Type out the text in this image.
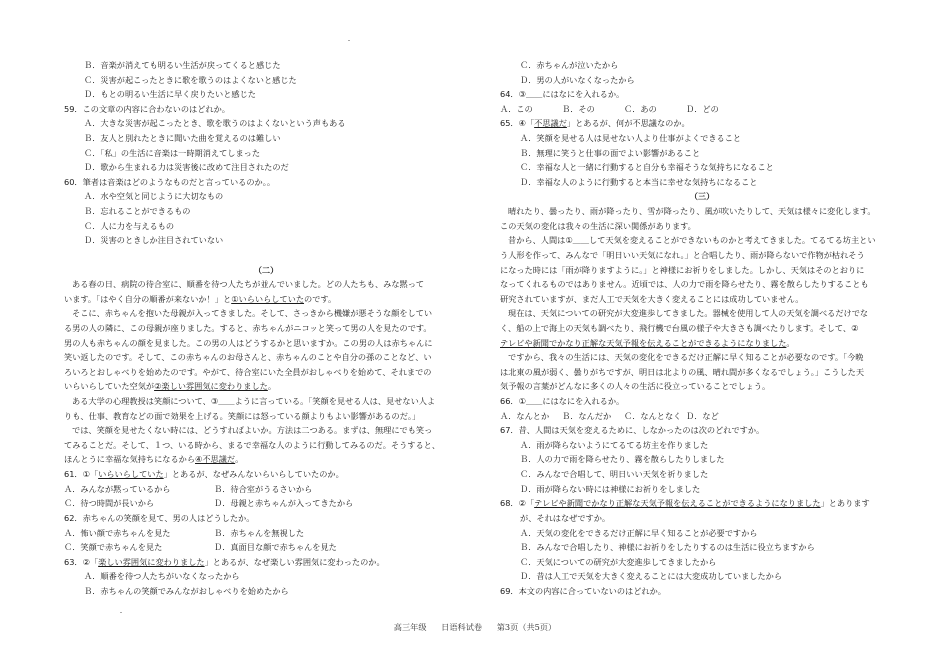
Ｂ．音楽が消えても明るい生活が戻ってくると感じた
Ｃ．災害が起こったときに歌を歌うのはよくないと感じた
Ｄ．もとの明るい生活に早く戻りたいと感じた
59．この文章の内容に合わないのはどれか。
Ａ．大きな災害が起こったとき、歌を歌うのはよくないという声もある
Ｂ．友人と別れたときに聞いた曲を覚えるのは難しい
Ｃ．「私」の生活に音楽は一時期消えてしまった
Ｄ．歌から生まれる力は災害後に改めて注目されたのだ
60．筆者は音楽はどのようなものだと言っているのか。。
Ａ．水や空気と同じように大切なもの
Ｂ．忘れることができるもの
Ｃ．人に力を与えるもの
Ｄ．災害のときしか注目されていない
（二）
ある春の日、病院の待合室に、順番を待つ人たちが並んでいました。どの人たちも、みな黙って
います。「はやく自分の順番が来ないか！」と①いらいらしていたのです。
そこに、赤ちゃんを抱いた母親が入ってきました。そして、さっきから機嫌が悪そうな顔をしてい
る男の人の隣に、この母親が座りました。すると、赤ちゃんがニコッと笑って男の人を見たのです。
男の人も赤ちゃんの顔を見ました。この男の人はどうするかと思いますか。この男の人は赤ちゃんに
笑い返したのです。そして、この赤ちゃんのお母さんと、赤ちゃんのことや自分の孫のことなど、い
ろいろとおしゃべりを始めたのです。やがて、待合室にいた全員がおしゃべりを始めて、それまでの
いらいらしていた空気が②楽しい雰囲気に変わりました。
ある大学の心理教授は笑顔について、③＿＿ように言っている。「笑顔を見せる人は、見せない人よ
りも、仕事、教育などの面で効果を上げる。笑顔には怒っている顔よりもよい影響があるのだ。」
では、笑顔を見せたくない時には、どうすればよいか。方法は二つある。まずは、無理にでも笑っ
てみることだ。そして、１つ、いる時から、まるで幸福な人のように行動してみるのだ。そうすると、
ほんとうに幸福な気持ちになるから④不思議だ。
61．①「いらいらしていた」とあるが、なぜみんないらいらしていたのか。
Ａ．みんなが黙っているから	Ｂ．待合室がうるさいから
Ｃ．待つ時間が長いから	Ｄ．母親と赤ちゃんが入ってきたから
62．赤ちゃんの笑顔を見て、男の人はどうしたか。
Ａ．怖い顔で赤ちゃんを見た	Ｂ．赤ちゃんを無視した
Ｃ．笑顔で赤ちゃんを見た	Ｄ．真面目な顔で赤ちゃんを見た
63．②「楽しい雰囲気に変わりました」とあるが、なぜ楽しい雰囲気に変わったのか。
Ａ．順番を待つ人たちがいなくなったから
Ｂ．赤ちゃんの笑顔でみんながおしゃべりを始めたから
Ｃ．赤ちゃんが泣いたから
Ｄ．男の人がいなくなったから
64．③＿＿にはなにを入れるか。
Ａ．この	Ｂ．その	Ｃ．あの	Ｄ．どの
65．④「不思議だ」とあるが、何が不思議なのか。
Ａ．笑顔を見せる人は見せない人より仕事がよくできること
Ｂ．無理に笑うと仕事の面でよい影響があること
Ｃ．幸福な人と一緒に行動すると自分も幸福そうな気持ちになること
Ｄ．幸福な人のように行動すると本当に幸せな気持ちになること
（三）
晴れたり、曇ったり、雨が降ったり、雪が降ったり、風が吹いたりして、天気は様々に変化します。
この天気の変化は我々の生活に深い関係があります。
昔から、人間は①＿＿して天気を変えることができないものかと考えてきました。てるてる坊主とい
う人形を作って、みんなで「明日いい天気になれ。」と合唱したり、雨が降らないで作物が枯れそう
になった時には「雨が降りますように。」と神様にお祈りをしました。しかし、天気はそのとおりに
なってくれるものではありません。近頃では、人の力で雨を降らせたり、霧を散らしたりすることも
研究されていますが、まだ人工で天気を大きく変えることには成功していません。
現在は、天気についての研究が大変進歩してきました。器械を使用して人の天気を調べるだけでな
く、船の上で海上の天気も調べたり、飛行機で台風の様子や大きさも調べたりします。そして、②
テレビや新聞でかなり正解な天気予報を伝えることができるようになりました。
ですから、我々の生活には、天気の変化をできるだけ正解に早く知ることが必要なのです。「今晩
は北東の風が弱く、曇りがちですが、明日は北よりの風、晴れ間が多くなるでしょう。」こうした天
気予報の言葉がどんなに多くの人々の生活に役立っていることでしょう。
66．①＿＿にはなにを入れるか。
Ａ．なんとか Ｂ．なんだか Ｃ．なんとなく Ｄ．など
67．昔、人間は天気を変えるために、しなかったのは次のどれですか。
Ａ．雨が降らないようにてるてる坊主を作りました
Ｂ．人の力で雨を降らせたり、霧を散らしたりしました
Ｃ．みんなで合唱して、明日いい天気を祈りました
Ｄ．雨が降らない時には神様にお祈りをしました
68．②「テレビや新聞でかなり正解な天気予報を伝えることができるようになりました」とあります
が、それはなぜですか。
Ａ．天気の変化をできるだけ正解に早く知ることが必要ですから
Ｂ．みんなで合唱したり、神様にお祈りをしたりするのは生活に役立ちますから
Ｃ．天気についての研究が大変進歩してきましたから
Ｄ．昔は人工で天気を大きく変えることには大変成功していましたから
69．本文の内容に合っていないのはどれか。
高三年级 日语科试卷 第3页（共5页）
